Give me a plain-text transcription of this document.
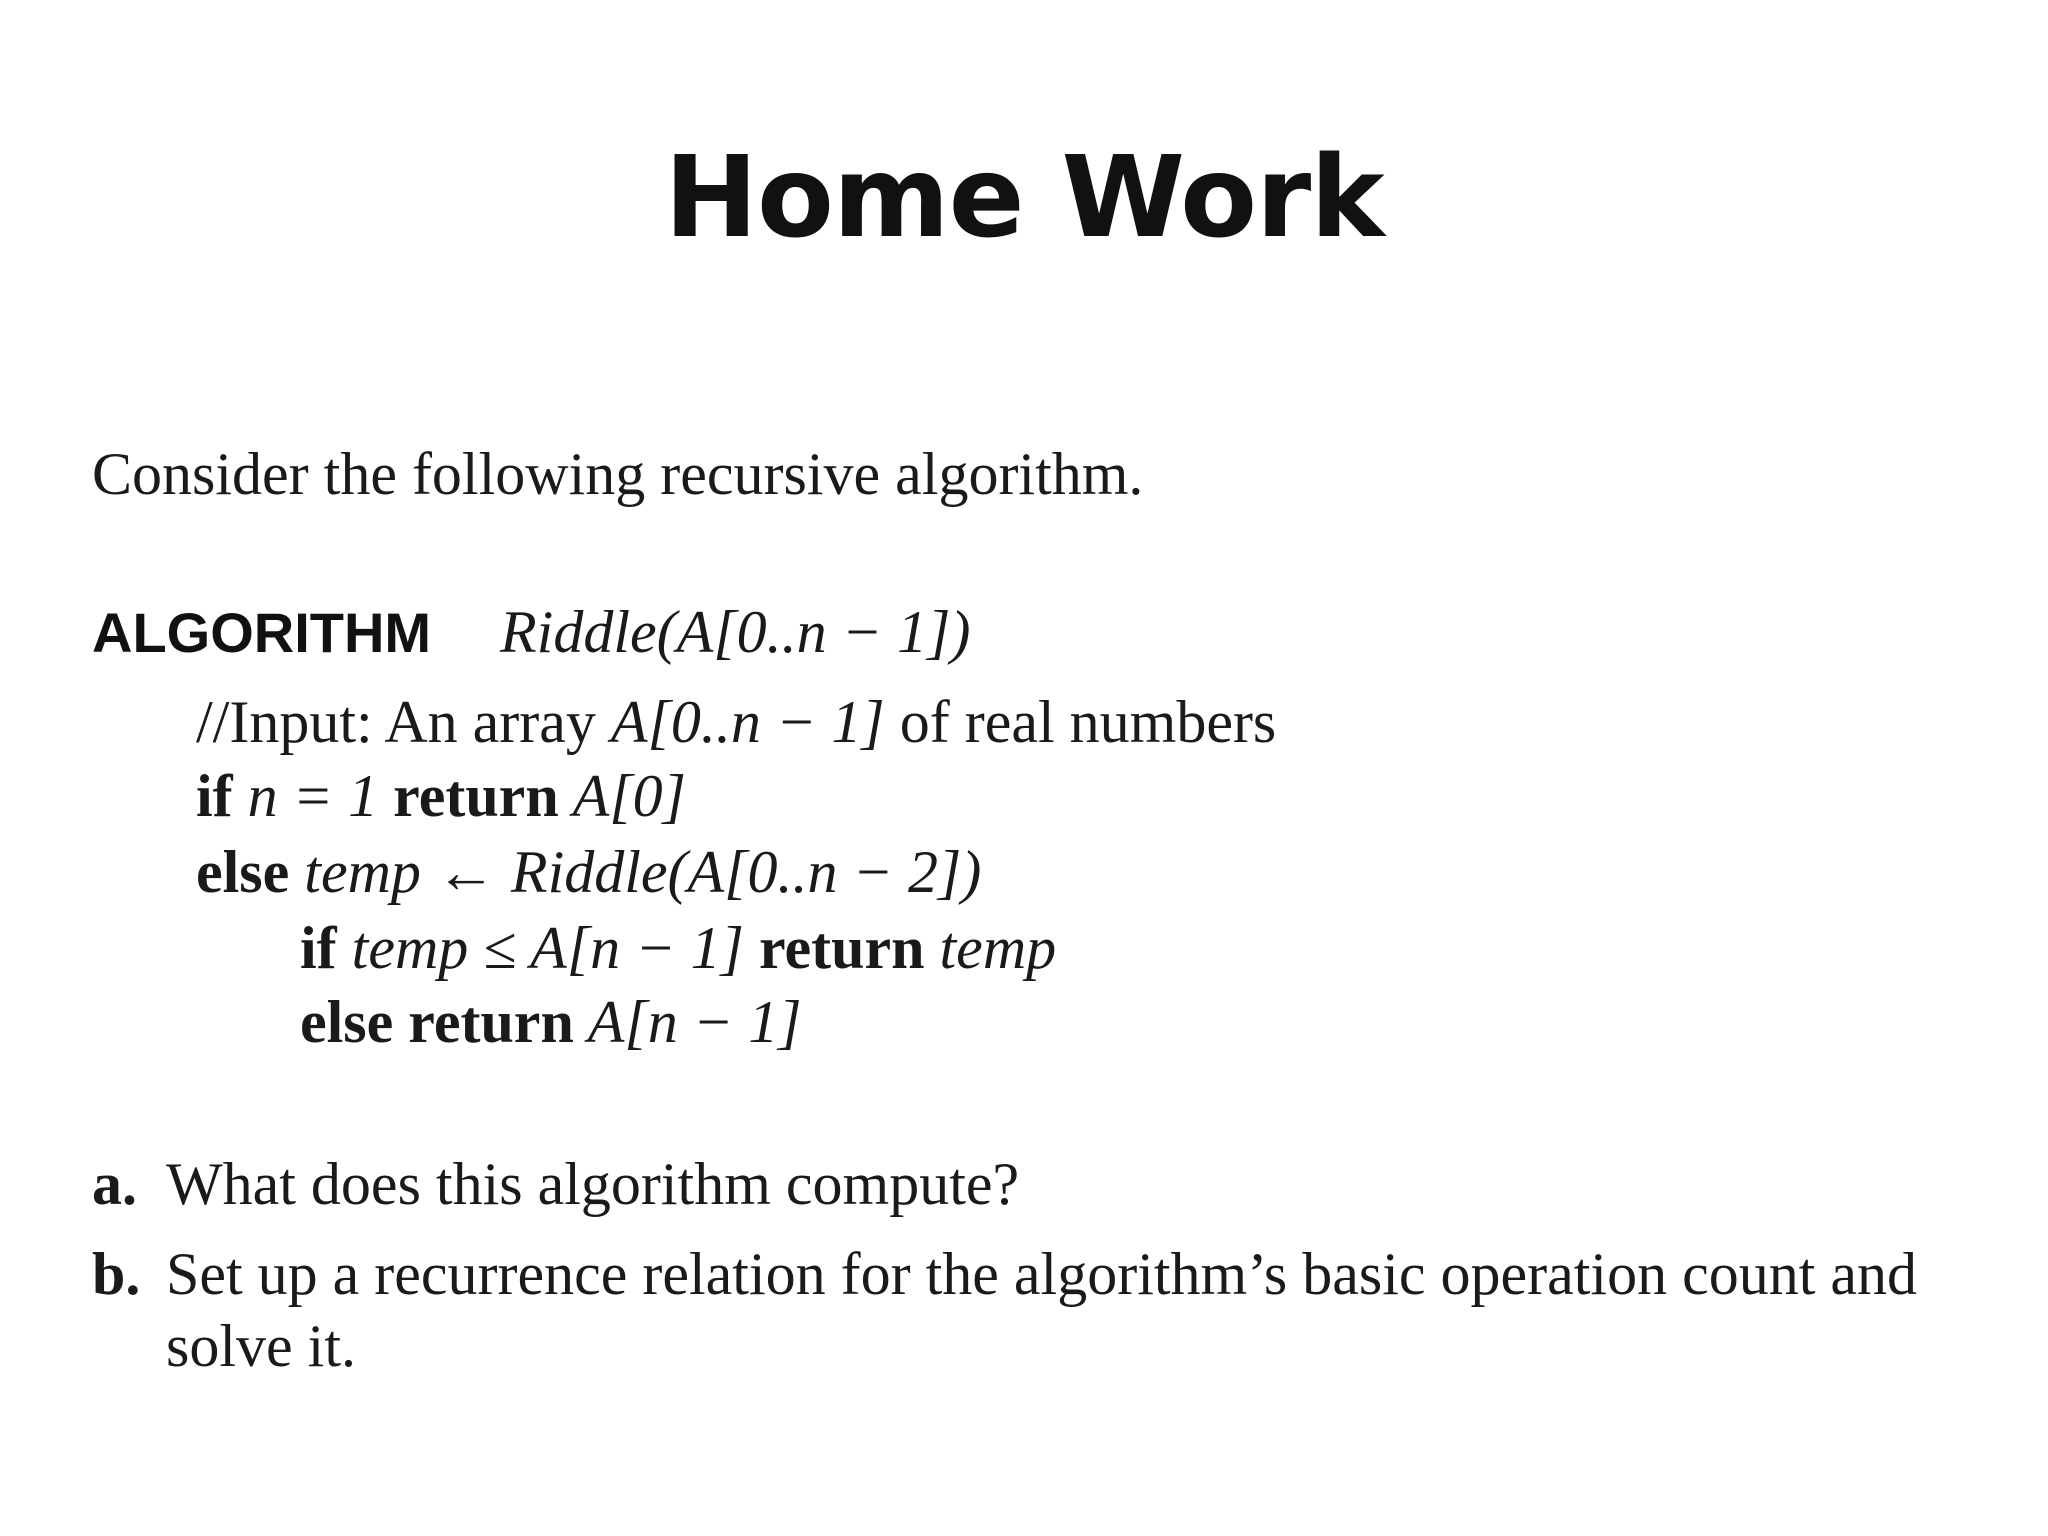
Home Work
Consider the following recursive algorithm.
ALGORITHM Riddle(A[0..n − 1])
//Input: An array A[0..n − 1] of real numbers
if n = 1 return A[0]
else temp ← Riddle(A[0..n − 2])
if temp ≤ A[n − 1] return temp
else return A[n − 1]
a. What does this algorithm compute?
b. Set up a recurrence relation for the algorithm’s basic operation count and
solve it.
